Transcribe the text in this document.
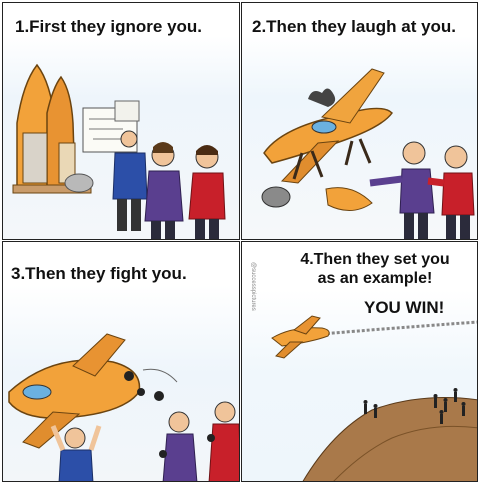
1.First they ignore you.	2.Then they laugh at you.
3.Then they fight you.
4.Then they set you
as an example!
YOU WIN!
@successpictures
